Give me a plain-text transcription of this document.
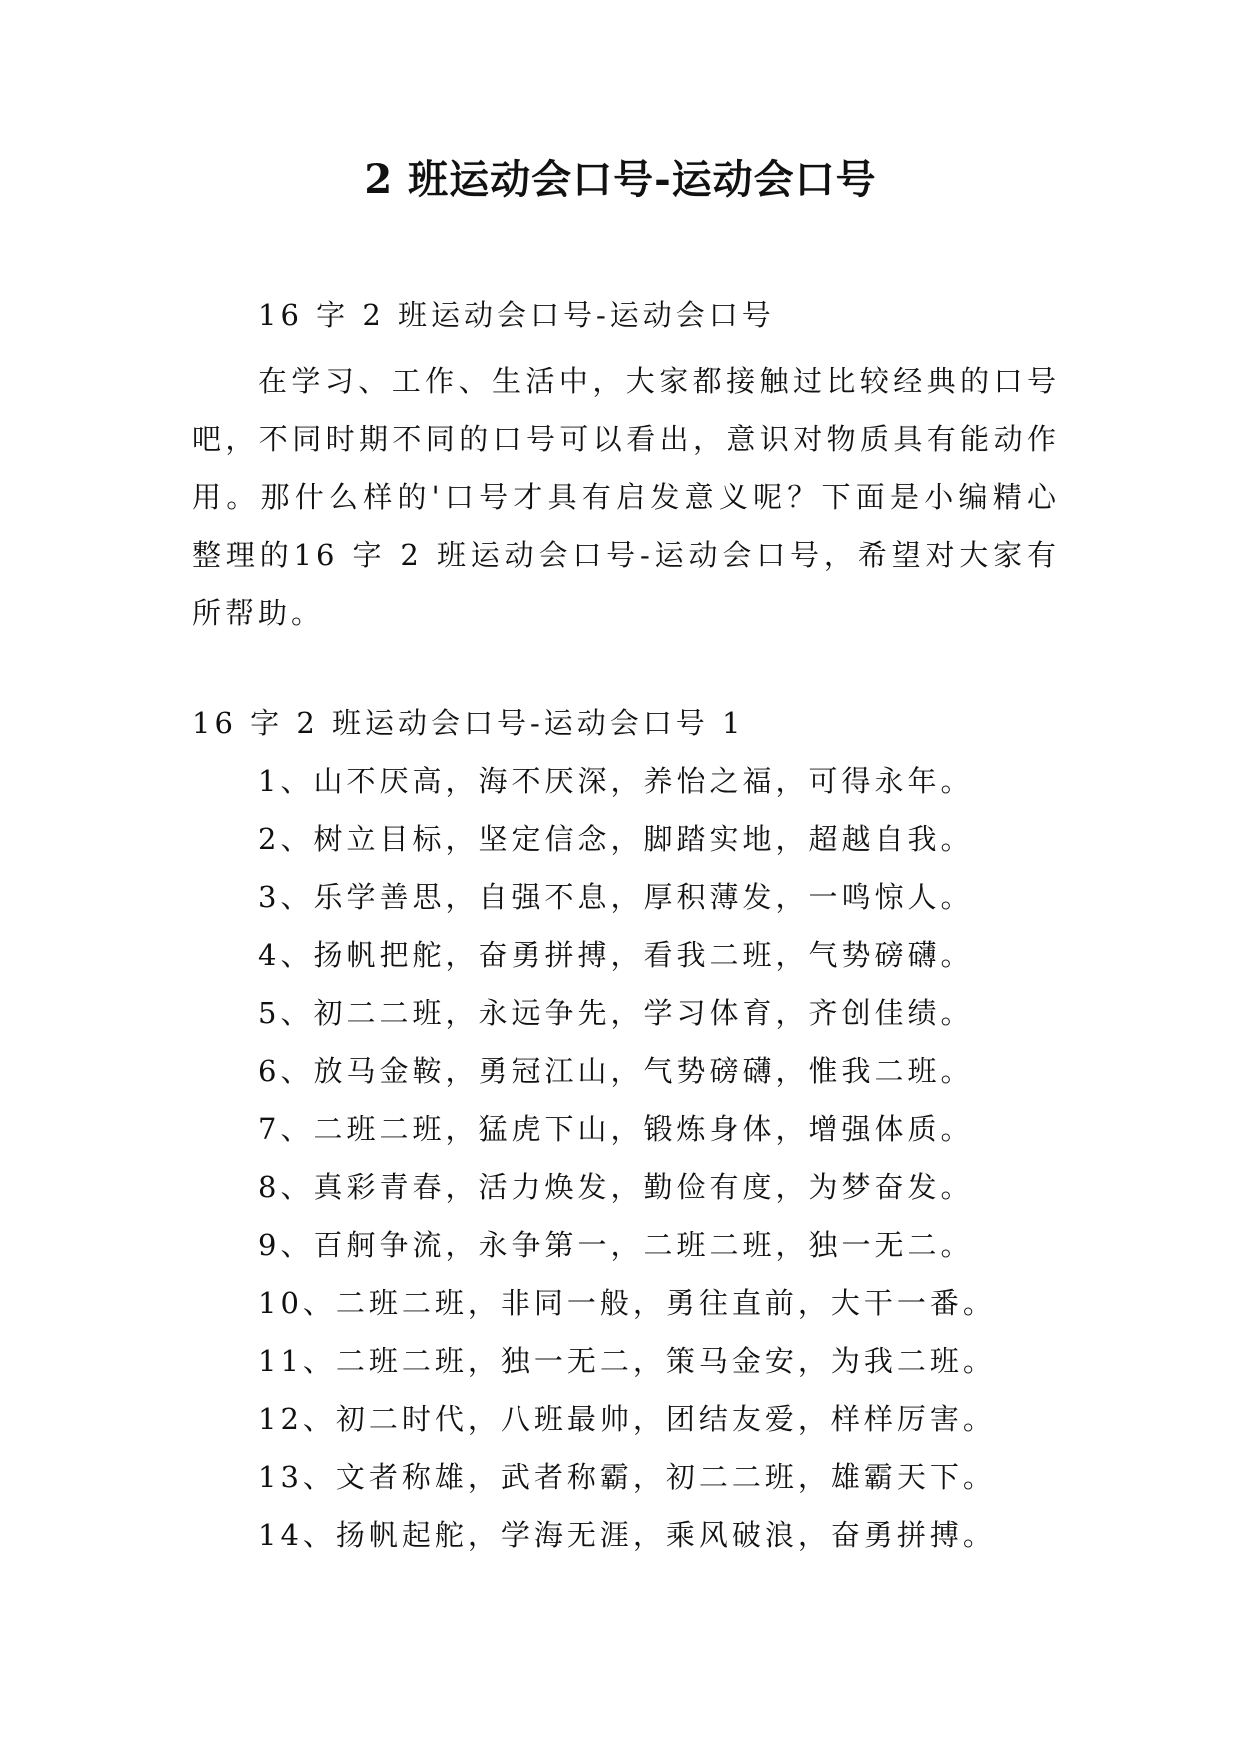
2 班运动会口号-运动会口号

16 字 2 班运动会口号-运动会口号

在学习、工作、生活中，大家都接触过比较经典的口号吧，不同时期不同的口号可以看出，意识对物质具有能动作用。那什么样的'口号才具有启发意义呢？下面是小编精心整理的16 字 2 班运动会口号-运动会口号，希望对大家有所帮助。

16 字 2 班运动会口号-运动会口号 1

1、山不厌高，海不厌深，养怡之福，可得永年。
2、树立目标，坚定信念，脚踏实地，超越自我。
3、乐学善思，自强不息，厚积薄发，一鸣惊人。
4、扬帆把舵，奋勇拼搏，看我二班，气势磅礴。
5、初二二班，永远争先，学习体育，齐创佳绩。
6、放马金鞍，勇冠江山，气势磅礴，惟我二班。
7、二班二班，猛虎下山，锻炼身体，增强体质。
8、真彩青春，活力焕发，勤俭有度，为梦奋发。
9、百舸争流，永争第一，二班二班，独一无二。
10、二班二班，非同一般，勇往直前，大干一番。
11、二班二班，独一无二，策马金安，为我二班。
12、初二时代，八班最帅，团结友爱，样样厉害。
13、文者称雄，武者称霸，初二二班，雄霸天下。
14、扬帆起舵，学海无涯，乘风破浪，奋勇拼搏。
